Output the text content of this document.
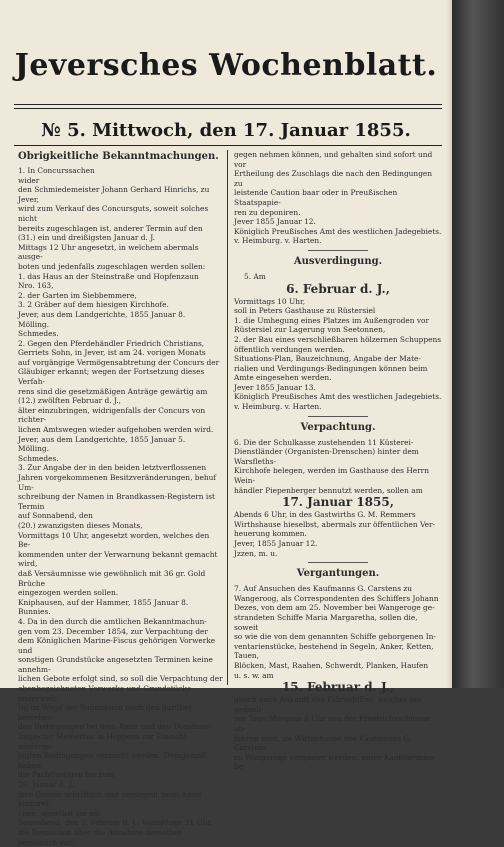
Jeversches Wochenblatt.
№ 5. Mittwoch, den 17. Januar 1855.
Obrigkeitliche Bekanntmachungen.
1. In Concurssachen
wider
den Schmiedemeister Johann Gerhard Hinrichs, zu
Jever,
wird zum Verkauf des Concursguts, soweit solches nicht
bereits zugeschlagen ist, anderer Termin auf den
(31.) ein und dreißigsten Januar d. J.
Mittags 12 Uhr angesetzt, in welchem abermals ausge-
boten und jedenfalls zugeschlagen werden sollen:
1. das Haus an der Steinstraße und Hopfenzaun
Nro. 163,
2. der Garten im Siebbemmere,
3. 2 Gräber auf dem hiesigen Kirchhofe.
Jever, aus dem Landgerichte, 1855 Januar 8.
Mölling.
Schmedes.
2. Gegen den Pferdehändler Friedrich Christians,
Gerriets Sohn, in Jever, ist am 24. vorigen Monats
auf vorgängige Vermögensabtretung der Concurs der
Gläubiger erkannt; wegen der Fortsetzung dieses Verfah-
rens sind die gesetzmäßigen Anträge gewärtig am
(12.) zwölften Februar d. J.,
älter einzubringen, widrigenfalls der Concurs von richter-
lichen Amtswegen wieder aufgehoben werden wird.
Jever, aus dem Landgerichte, 1855 Januar 5.
Mölling.
Schmedes.
3. Zur Angabe der in den beiden letztverflossenen
Jahren vorgekommenen Besitzveränderungen, behuf Um-
schreibung der Namen in Brandkassen-Registern ist Termin
auf Sonnabend, den
(20.) zwanzigsten dieses Monats,
Vormittags 10 Uhr, angesetzt worden, welches den Be-
kommenden unter der Verwarnung bekannt gemacht wird,
daß Versäumnisse wie gewöhnlich mit 36 gr. Gold Brüche
eingezogen werden sollen.
Kniphausen, auf der Hammer, 1855 Januar 8.
Bunnies.
4. Da in den durch die amtlichen Bekanntmachun-
gen vom 23. December 1854, zur Verpachtung der
dem Königlichen Marine-Fiscus gehörigen Vorwerke und
sonstigen Grundstücke angesetzten Terminen keine annehm-
lichen Gebote erfolgt sind, so soll die Verpachtung der
obenbezeichneten Vorwerke und Grundstücke anderweit-
tig im Wege der Submission nach den darüber bestehen-
den Bedingungen bei dem Amte und den Domänen-
Inspector Meinertus in Heppens zur Einsicht niederge-
legten Bedingungen versucht werden. Demgemäß haben
die Pachtlustigen bis zum
29. Januar d. J.,
ihre Gebote schriftlich und versiegelt beim Amte einzurei-
chen, woselbst sie am
Sonnabend, den 3. Februar d. J., Vormittags 11 Uhr,
die Resolution über die Annahme derselben persönlich ent-
gegen nehmen können, und gehalten sind sofort und vor
Ertheilung des Zuschlags die nach den Bedingungen zu
leistende Caution baar oder in Preußischen Staatspapie-
ren zu deponiren.
Jever 1855 Januar 12.
Königlich Preußisches Amt des westlichen Jadegebiets.
v. Heimburg. v. Harten.
Ausverdingung.
5. Am
6. Februar d. J.,
Vormittags 10 Uhr,
soll in Peters Gasthause zu Rüstersiel
1. die Umhegung eines Platzes im Außengroden vor
Rüstersiel zur Lagerung von Seetonnen,
2. der Bau eines verschließbaren hölzernen Schuppens
öffentlich verdungen werden.
Situations-Plan, Bauzeichnung, Angabe der Mate-
rialien und Verdingungs-Bedingungen können beim
Amte eingesehen werden.
Jever 1855 Januar 13.
Königlich Preußisches Amt des westlichen Jadegebiets.
v. Heimburg. v. Harten.
Verpachtung.
6. Die der Schulkasse zustehenden 11 Küsterei-
Dienstländer (Organisten-Drenschen) hinter dem Warsfleths-
Kirchhofe belegen, werden im Gasthause des Herrn Wein-
händler Piepenberger bennutzt werden, sollen am
17. Januar 1855,
Abends 6 Uhr, in des Gastwirths G. M. Remmers
Wirthshause hieselbst, abermals zur öffentlichen Ver-
heuerung kommen.
Jever, 1855 Januar 12.
Jzzen, m. u.
Vergantungen.
7. Auf Ansuchen des Kaufmanns G. Carstens zu
Wangeroog, als Correspondenten des Schiffers Johann
Dezes, von dem am 25. November bei Wangeroge ge-
strandeten Schiffe Maria Margaretha, sollen die, soweit
so wie die von dem genannten Schiffe geborgenen In-
ventarienstücke, bestehend in Segeln, Anker, Ketten, Tauen,
Blöcken, Mast, Raahen, Schwerdt, Planken, Haufen
u. s. w. am
15. Februar d. J.,
gleich nach Ankunft des Fährschiffes, welches am gedach-
ten Tage Morgens 8 Uhr von der Friedrichsschleuse ab-
fahren wird, im Wirthshause des Kaufmanns G. Carstens
zu Wangeroge vergantet werden, unter Kaufstermine be-
